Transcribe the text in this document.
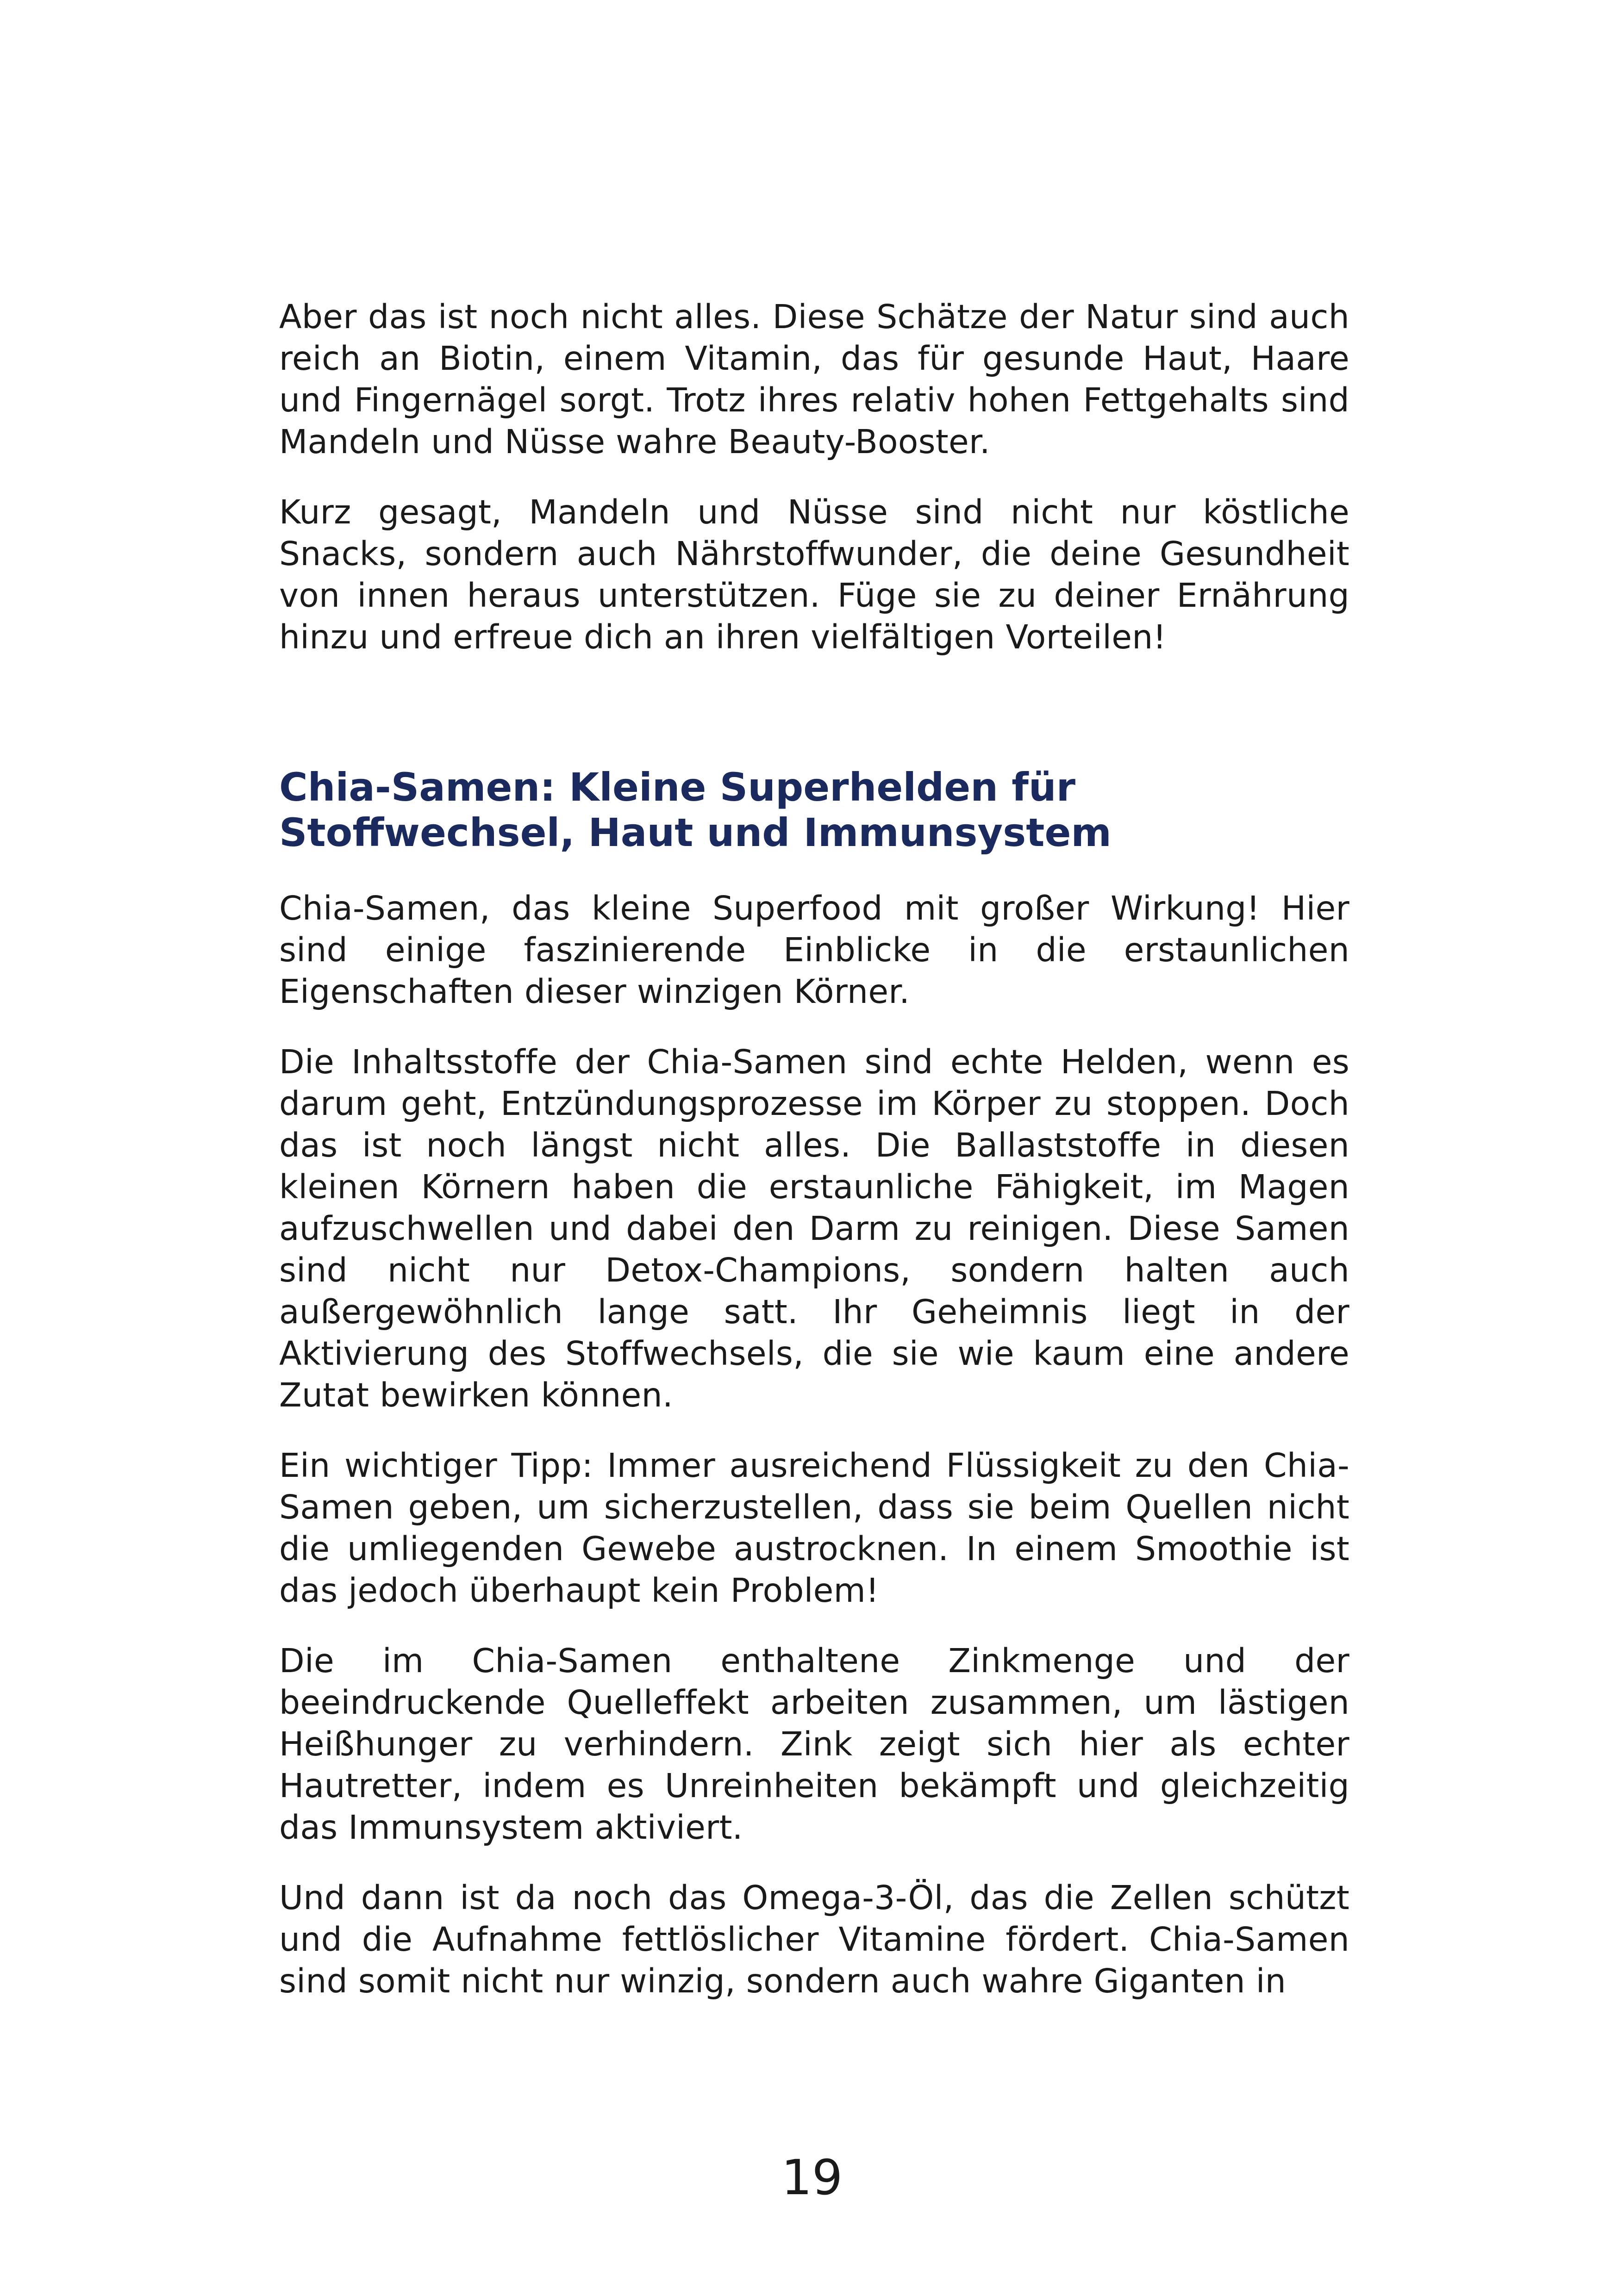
Aber das ist noch nicht alles. Diese Schätze der Natur sind auch reich an Biotin, einem Vitamin, das für gesunde Haut, Haare und Fingernägel sorgt. Trotz ihres relativ hohen Fettgehalts sind Mandeln und Nüsse wahre Beauty-Booster.

Kurz gesagt, Mandeln und Nüsse sind nicht nur köstliche Snacks, sondern auch Nährstoffwunder, die deine Gesundheit von innen heraus unterstützen. Füge sie zu deiner Ernährung hinzu und erfreue dich an ihren vielfältigen Vorteilen!

Chia-Samen: Kleine Superhelden für Stoffwechsel, Haut und Immunsystem

Chia-Samen, das kleine Superfood mit großer Wirkung! Hier sind einige faszinierende Einblicke in die erstaunlichen Eigenschaften dieser winzigen Körner.

Die Inhaltsstoffe der Chia-Samen sind echte Helden, wenn es darum geht, Entzündungsprozesse im Körper zu stoppen. Doch das ist noch längst nicht alles. Die Ballaststoffe in diesen kleinen Körnern haben die erstaunliche Fähigkeit, im Magen aufzuschwellen und dabei den Darm zu reinigen. Diese Samen sind nicht nur Detox-Champions, sondern halten auch außergewöhnlich lange satt. Ihr Geheimnis liegt in der Aktivierung des Stoffwechsels, die sie wie kaum eine andere Zutat bewirken können.

Ein wichtiger Tipp: Immer ausreichend Flüssigkeit zu den Chia-Samen geben, um sicherzustellen, dass sie beim Quellen nicht die umliegenden Gewebe austrocknen. In einem Smoothie ist das jedoch überhaupt kein Problem!

Die im Chia-Samen enthaltene Zinkmenge und der beeindruckende Quelleffekt arbeiten zusammen, um lästigen Heißhunger zu verhindern. Zink zeigt sich hier als echter Hautretter, indem es Unreinheiten bekämpft und gleichzeitig das Immunsystem aktiviert.

Und dann ist da noch das Omega-3-Öl, das die Zellen schützt und die Aufnahme fettlöslicher Vitamine fördert. Chia-Samen sind somit nicht nur winzig, sondern auch wahre Giganten in

19
